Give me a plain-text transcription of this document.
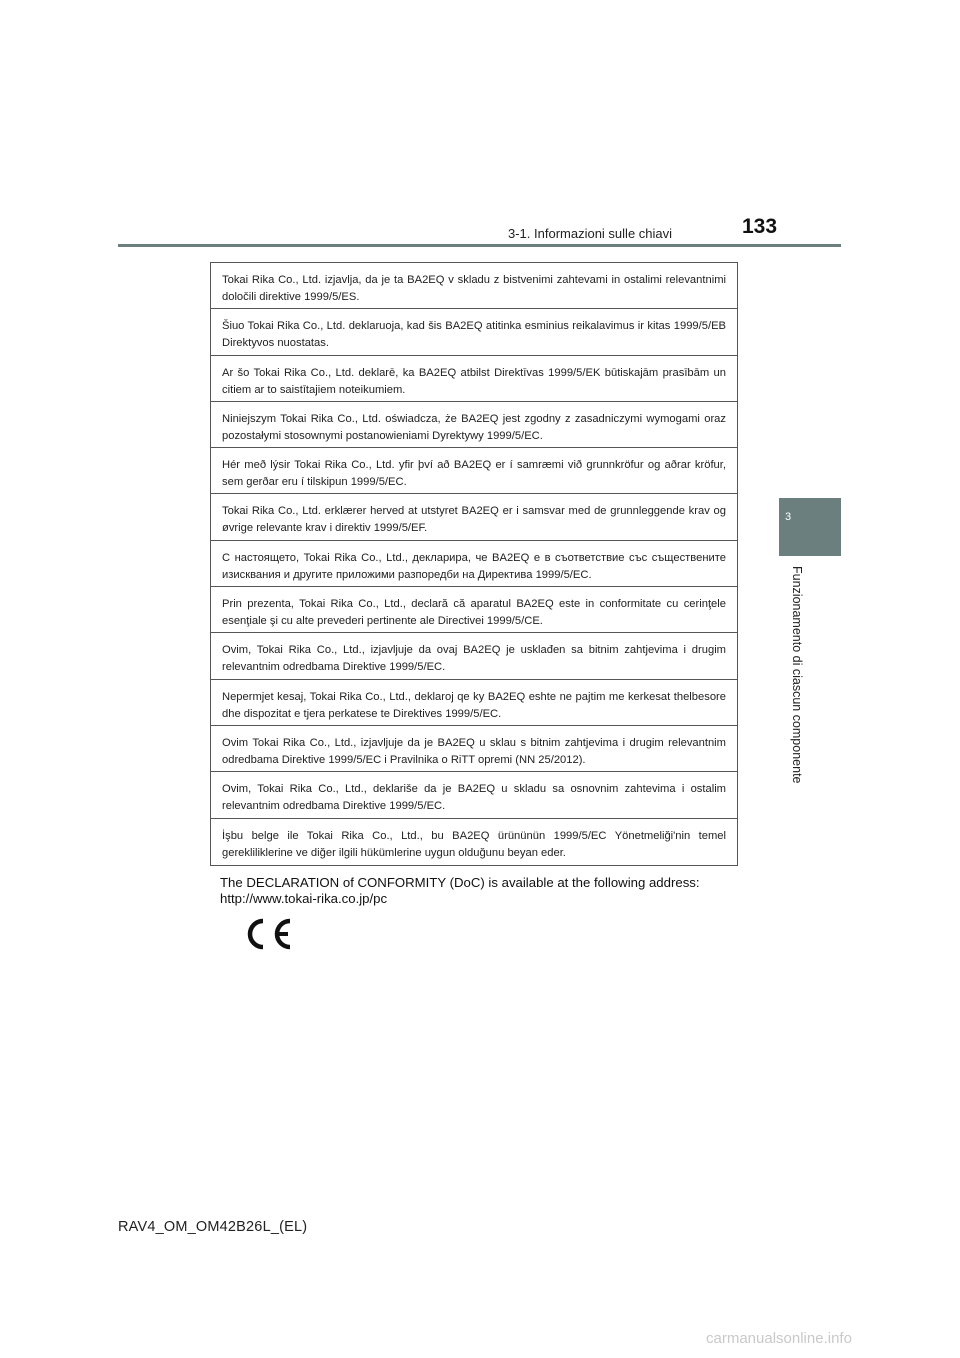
3-1. Informazioni sulle chiavi	133
3
Funzionamento di ciascun componente
Tokai Rika Co., Ltd. izjavlja, da je ta BA2EQ v skladu z bistvenimi zahtevami in ostalimi relevantnimi določili direktive 1999/5/ES.
Šiuo Tokai Rika Co., Ltd. deklaruoja, kad šis BA2EQ atitinka esminius reikalavimus ir kitas 1999/5/EB Direktyvos nuostatas.
Ar šo Tokai Rika Co., Ltd. deklarē, ka BA2EQ atbilst Direktīvas 1999/5/EK būtiskajām prasībām un citiem ar to saistītajiem noteikumiem.
Niniejszym Tokai Rika Co., Ltd. oświadcza, że BA2EQ jest zgodny z zasadniczymi wymogami oraz pozostałymi stosownymi postanowieniami Dyrektywy 1999/5/EC.
Hér með lýsir Tokai Rika Co., Ltd. yfir því að BA2EQ er í samræmi við grunnkröfur og aðrar kröfur, sem gerðar eru í tilskipun 1999/5/EC.
Tokai Rika Co., Ltd. erklærer herved at utstyret BA2EQ er i samsvar med de grunnleggende krav og øvrige relevante krav i direktiv 1999/5/EF.
С настоящето, Tokai Rika Co., Ltd., декларира, че BA2EQ е в съответствие със съществените изисквания и другите приложими разпоредби на Директива 1999/5/ЕС.
Prin prezenta, Tokai Rika Co., Ltd., declară că aparatul BA2EQ este in conformitate cu cerinţele esenţiale şi cu alte prevederi pertinente ale Directivei 1999/5/CE.
Ovim, Tokai Rika Co., Ltd., izjavljuje da ovaj BA2EQ je usklađen sa bitnim zahtjevima i drugim relevantnim odredbama Direktive 1999/5/EC.
Nepermjet kesaj, Tokai Rika Co., Ltd., deklaroj qe ky BA2EQ eshte ne pajtim me kerkesat thelbesore dhe dispozitat e tjera perkatese te Direktives 1999/5/EC.
Ovim Tokai Rika Co., Ltd., izjavljuje da je BA2EQ u sklau s bitnim zahtjevima i drugim relevantnim odredbama Direktive 1999/5/EC i Pravilnika o RiTT opremi (NN 25/2012).
Ovim, Tokai Rika Co., Ltd., deklariše da je BA2EQ u skladu sa osnovnim zahtevima i ostalim relevantnim odredbama Direktive 1999/5/EC.
İşbu belge ile Tokai Rika Co., Ltd., bu BA2EQ ürününün 1999/5/EC Yönetmeliği'nin temel gerekliliklerine ve diğer ilgili hükümlerine uygun olduğunu beyan eder.
The DECLARATION of CONFORMITY (DoC) is available at the following address:
http://www.tokai-rika.co.jp/pc
RAV4_OM_OM42B26L_(EL)
carmanualsonline.info
